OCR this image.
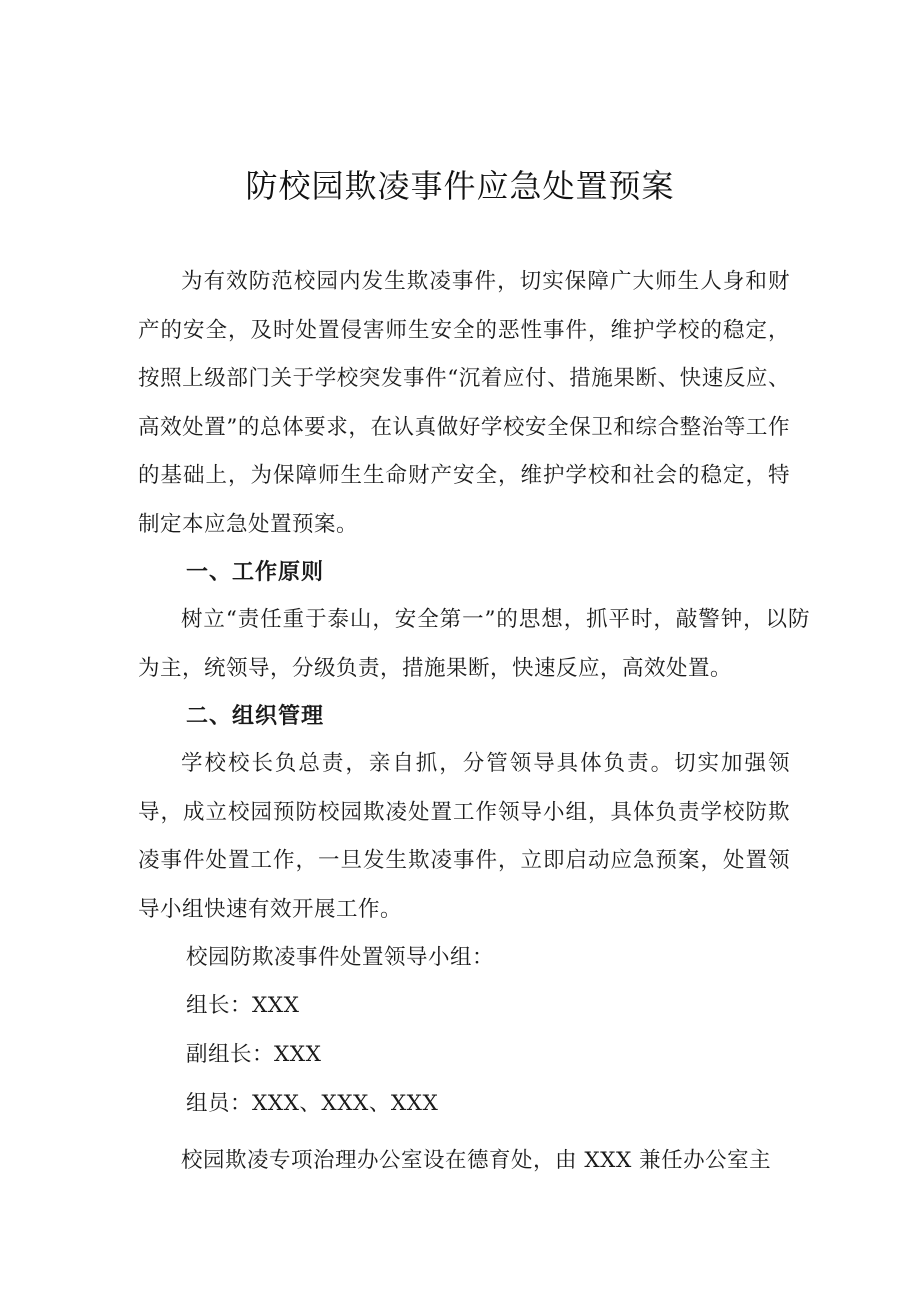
防校园欺凌事件应急处置预案

为有效防范校园内发生欺凌事件，切实保障广大师生人身和财产的安全，及时处置侵害师生安全的恶性事件，维护学校的稳定，按照上级部门关于学校突发事件“沉着应付、措施果断、快速反应、高效处置”的总体要求，在认真做好学校安全保卫和综合整治等工作的基础上，为保障师生生命财产安全，维护学校和社会的稳定，特制定本应急处置预案。

一、工作原则

树立“责任重于泰山，安全第一”的思想，抓平时，敲警钟，以防为主，统领导，分级负责，措施果断，快速反应，高效处置。

二、组织管理

学校校长负总责，亲自抓，分管领导具体负责。切实加强领导，成立校园预防校园欺凌处置工作领导小组，具体负责学校防欺凌事件处置工作，一旦发生欺凌事件，立即启动应急预案，处置领导小组快速有效开展工作。

校园防欺凌事件处置领导小组：

组长：XXX

副组长：XXX

组员：XXX、XXX、XXX

校园欺凌专项治理办公室设在德育处，由 XXX 兼任办公室主
